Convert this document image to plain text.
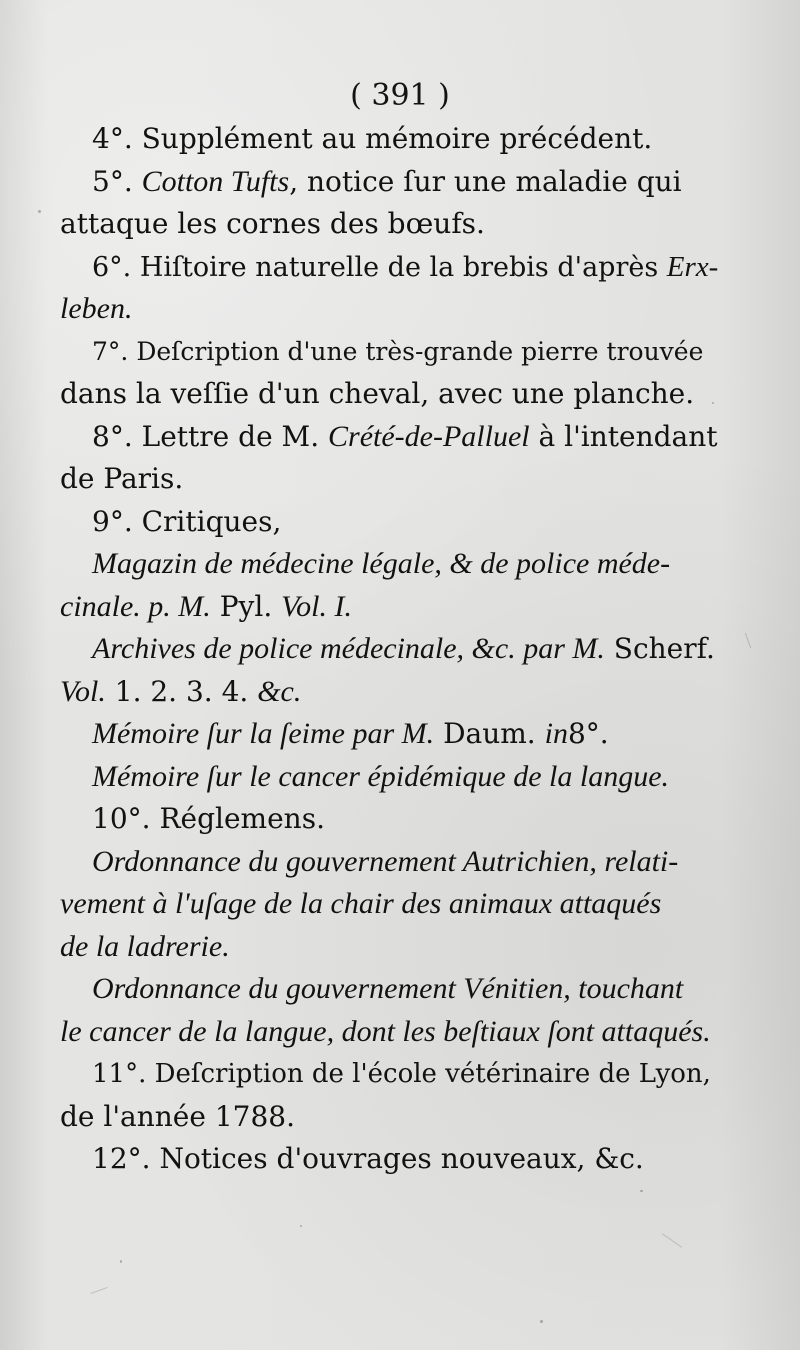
( 391 )
4°. Supplément au mémoire précédent.
5°. Cotton Tufts, notice ſur une maladie qui
attaque les cornes des bœufs.
6°. Hiſtoire naturelle de la brebis d'après Erx-
leben.
7°. Deſcription d'une très-grande pierre trouvée
dans la veſſie d'un cheval, avec une planche.
8°. Lettre de M. Crété-de-Palluel à l'intendant
de Paris.
9°. Critiques,
Magazin de médecine légale, & de police méde-
cinale. p. M. Pyl. Vol. I.
Archives de police médecinale, &c. par M. Scherf.
Vol. 1. 2. 3. 4. &c.
Mémoire ſur la ſeime par M. Daum. in8°.
Mémoire ſur le cancer épidémique de la langue.
10°. Réglemens.
Ordonnance du gouvernement Autrichien, relati-
vement à l'uſage de la chair des animaux attaqués
de la ladrerie.
Ordonnance du gouvernement Vénitien, touchant
le cancer de la langue, dont les beſtiaux ſont attaqués.
11°. Deſcription de l'école vétérinaire de Lyon,
de l'année 1788.
12°. Notices d'ouvrages nouveaux, &c.
